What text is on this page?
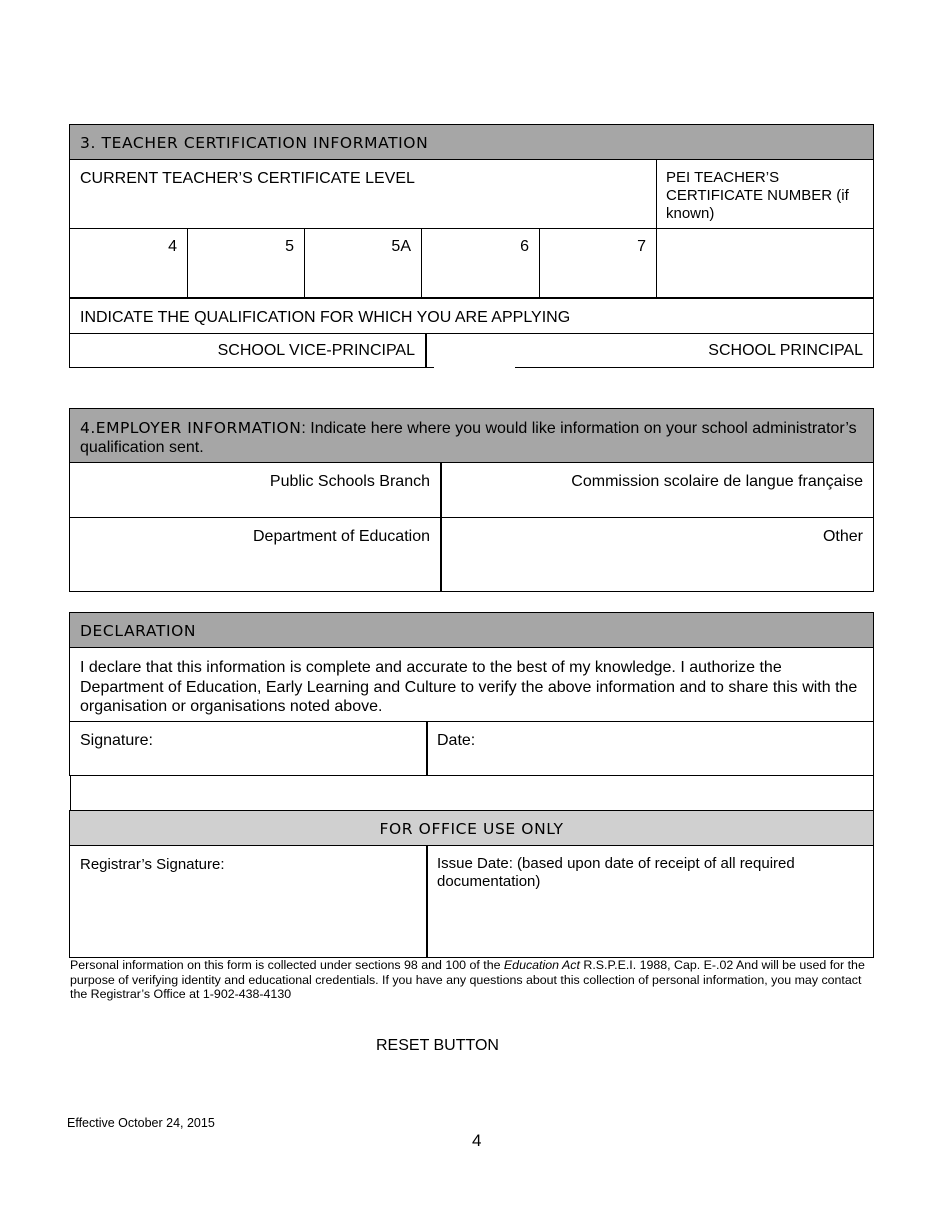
3. TEACHER CERTIFICATION INFORMATION
CURRENT TEACHER’S CERTIFICATE LEVEL	PEI TEACHER’S CERTIFICATE NUMBER (if known)
4	5	5A	6	7
INDICATE THE QUALIFICATION FOR WHICH YOU ARE APPLYING
SCHOOL VICE-PRINCIPAL	SCHOOL PRINCIPAL
4.EMPLOYER INFORMATION: Indicate here where you would like information on your school administrator’s qualification sent.
Public Schools Branch	Commission scolaire de langue française
Department of Education	Other
DECLARATION
I declare that this information is complete and accurate to the best of my knowledge. I authorize the Department of Education, Early Learning and Culture to verify the above information and to share this with the organisation or organisations noted above.
Signature:	Date:
FOR OFFICE USE ONLY
Registrar’s Signature:	Issue Date: (based upon date of receipt of all required documentation)
Personal information on this form is collected under sections 98 and 100 of the Education Act R.S.P.E.I. 1988, Cap. E-.02 And will be used for the purpose of verifying identity and educational credentials. If you have any questions about this collection of personal information, you may contact the Registrar’s Office at 1-902-438-4130
RESET BUTTON
Effective October 24, 2015
4
